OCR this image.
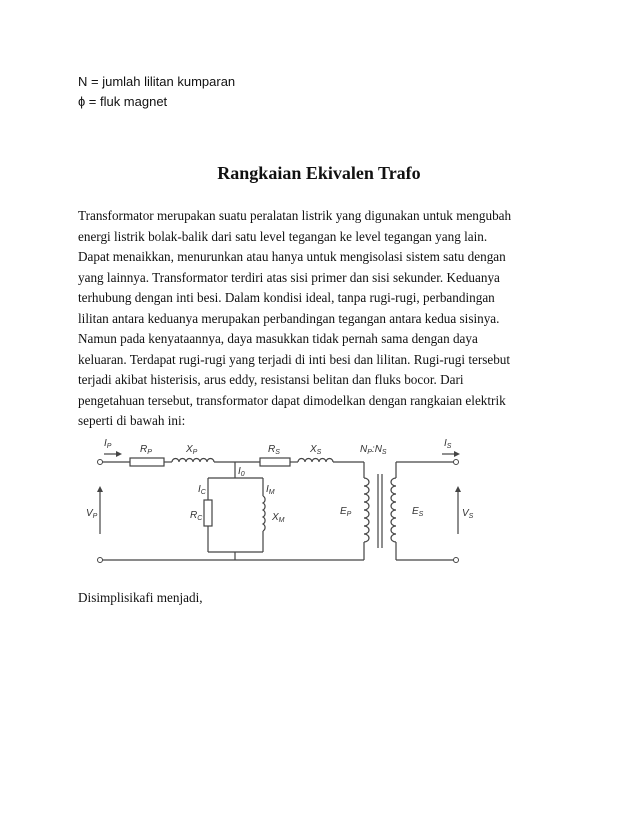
N = jumlah lilitan kumparan
ɸ = fluk magnet
Rangkaian Ekivalen Trafo
Transformator merupakan suatu peralatan listrik yang digunakan untuk mengubah
energi listrik bolak-balik dari satu level tegangan ke level tegangan yang lain.
Dapat menaikkan, menurunkan atau hanya untuk mengisolasi sistem satu dengan
yang lainnya. Transformator terdiri atas sisi primer dan sisi sekunder. Keduanya
terhubung dengan inti besi. Dalam kondisi ideal, tanpa rugi-rugi, perbandingan
lilitan antara keduanya merupakan perbandingan tegangan antara kedua sisinya.
Namun pada kenyataannya, daya masukkan tidak pernah sama dengan daya
keluaran. Terdapat rugi-rugi yang terjadi di inti besi dan lilitan. Rugi-rugi tersebut
terjadi akibat histerisis, arus eddy, resistansi belitan dan fluks bocor. Dari
pengetahuan tersebut, transformator dapat dimodelkan dengan rangkaian elektrik
seperti di bawah ini:
$I_P$	$R_P$	$X_P$	$R_S$	$X_S$	$N_P:N_S$
$I_S$
$V_P$
$I_0$
$I_C$	$I_M$
$R_C$	$X_M$
$E_P$	$E_S$	$V_S$
Disimplisikafi menjadi,
